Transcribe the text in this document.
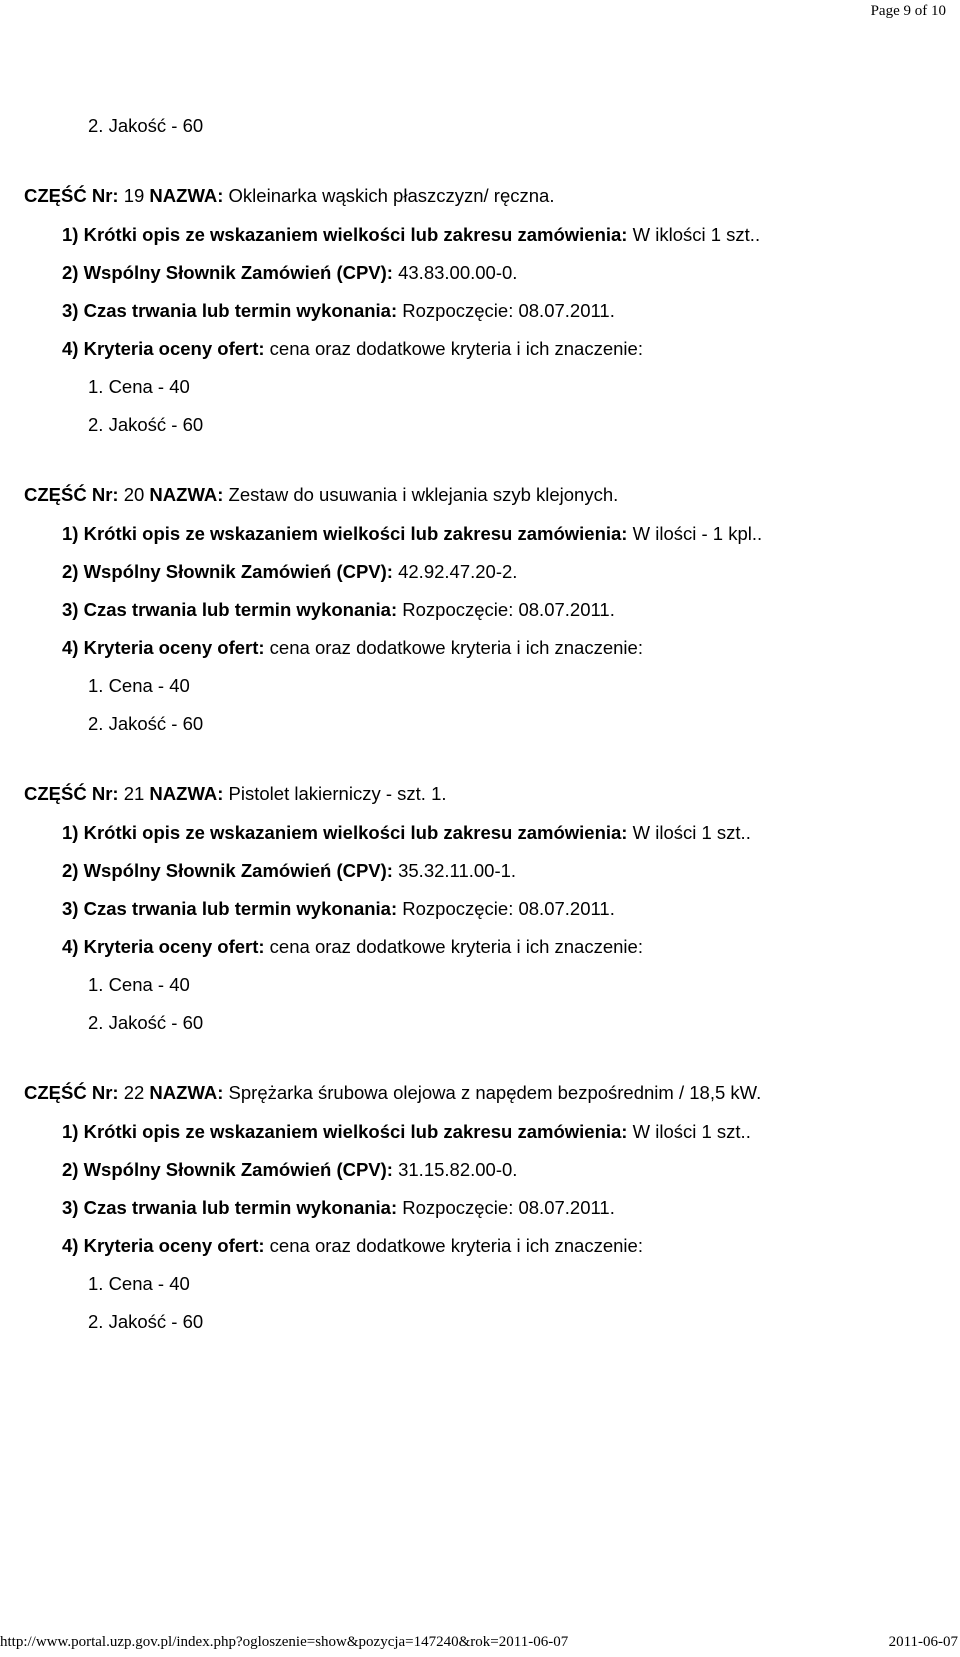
Page 9 of 10
2. Jakość - 60
CZĘŚĆ Nr: 19 NAZWA: Okleinarka wąskich płaszczyzn/ ręczna.
1) Krótki opis ze wskazaniem wielkości lub zakresu zamówienia: W iklości 1 szt..
2) Wspólny Słownik Zamówień (CPV): 43.83.00.00-0.
3) Czas trwania lub termin wykonania: Rozpoczęcie: 08.07.2011.
4) Kryteria oceny ofert: cena oraz dodatkowe kryteria i ich znaczenie:
1. Cena - 40
2. Jakość - 60
CZĘŚĆ Nr: 20 NAZWA: Zestaw do usuwania i wklejania szyb klejonych.
1) Krótki opis ze wskazaniem wielkości lub zakresu zamówienia: W ilości - 1 kpl..
2) Wspólny Słownik Zamówień (CPV): 42.92.47.20-2.
3) Czas trwania lub termin wykonania: Rozpoczęcie: 08.07.2011.
4) Kryteria oceny ofert: cena oraz dodatkowe kryteria i ich znaczenie:
1. Cena - 40
2. Jakość - 60
CZĘŚĆ Nr: 21 NAZWA: Pistolet lakierniczy - szt. 1.
1) Krótki opis ze wskazaniem wielkości lub zakresu zamówienia: W ilości 1 szt..
2) Wspólny Słownik Zamówień (CPV): 35.32.11.00-1.
3) Czas trwania lub termin wykonania: Rozpoczęcie: 08.07.2011.
4) Kryteria oceny ofert: cena oraz dodatkowe kryteria i ich znaczenie:
1. Cena - 40
2. Jakość - 60
CZĘŚĆ Nr: 22 NAZWA: Sprężarka śrubowa olejowa z napędem bezpośrednim / 18,5 kW.
1) Krótki opis ze wskazaniem wielkości lub zakresu zamówienia: W ilości 1 szt..
2) Wspólny Słownik Zamówień (CPV): 31.15.82.00-0.
3) Czas trwania lub termin wykonania: Rozpoczęcie: 08.07.2011.
4) Kryteria oceny ofert: cena oraz dodatkowe kryteria i ich znaczenie:
1. Cena - 40
2. Jakość - 60
http://www.portal.uzp.gov.pl/index.php?ogloszenie=show&pozycja=147240&rok=2011-06-07	2011-06-07
